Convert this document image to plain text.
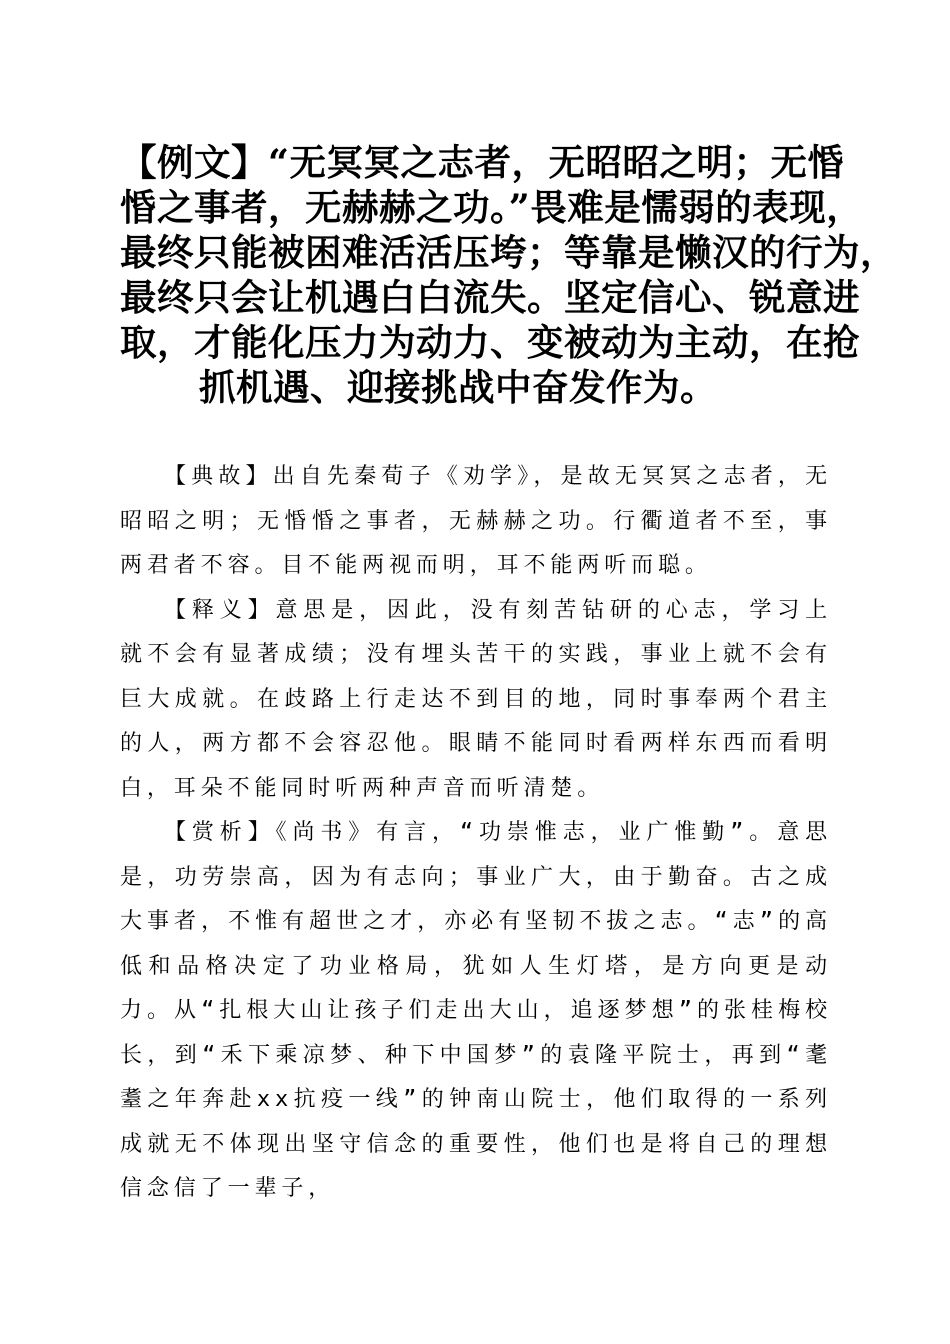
【例文】“无冥冥之志者，无昭昭之明；无惛
惛之事者，无赫赫之功。”畏难是懦弱的表现，
最终只能被困难活活压垮；等靠是懒汉的行为，
最终只会让机遇白白流失。坚定信心、锐意进
取，才能化压力为动力、变被动为主动，在抢
抓机遇、迎接挑战中奋发作为。

【典故】出自先秦荀子《劝学》，是故无冥冥之志者，无昭昭之明；无惛惛之事者，无赫赫之功。行衢道者不至，事两君者不容。目不能两视而明，耳不能两听而聪。

【释义】意思是，因此，没有刻苦钻研的心志，学习上就不会有显著成绩；没有埋头苦干的实践，事业上就不会有巨大成就。在歧路上行走达不到目的地，同时事奉两个君主的人，两方都不会容忍他。眼睛不能同时看两样东西而看明白，耳朵不能同时听两种声音而听清楚。

【赏析】《尚书》有言，“功崇惟志，业广惟勤”。意思是，功劳崇高，因为有志向；事业广大，由于勤奋。古之成大事者，不惟有超世之才，亦必有坚韧不拔之志。“志”的高低和品格决定了功业格局，犹如人生灯塔，是方向更是动力。从“扎根大山让孩子们走出大山，追逐梦想”的张桂梅校长，到“禾下乘凉梦、种下中国梦”的袁隆平院士，再到“耄耋之年奔赴xx抗疫一线”的钟南山院士，他们取得的一系列成就无不体现出坚守信念的重要性，他们也是将自己的理想信念信了一辈子，
